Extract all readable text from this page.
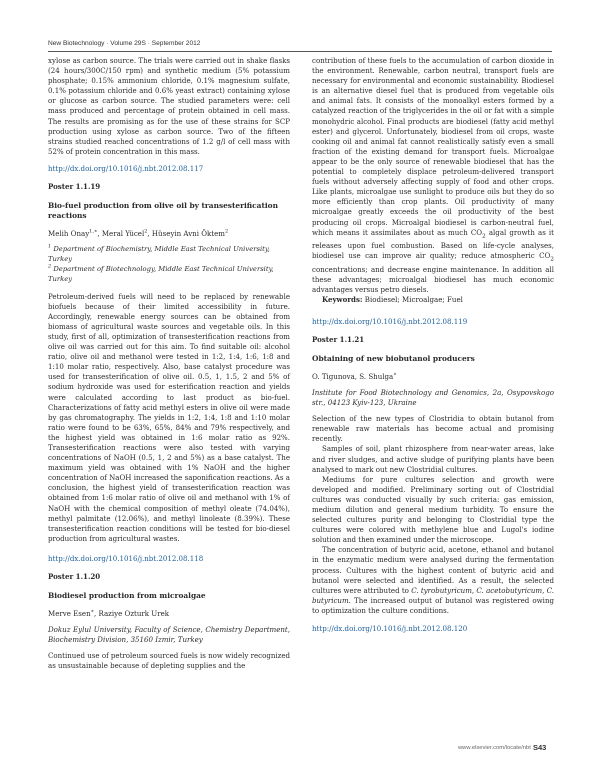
New Biotechnology · Volume 29S · September 2012

xylose as carbon source. The trials were carried out in shake flasks (24 hours/300C/150 rpm) and synthetic medium (5% potassium phosphate; 0.15% ammonium chloride, 0.1% magnesium sulfate, 0.1% potassium chloride and 0.6% yeast extract) containing xylose or glucose as carbon source. The studied parameters were: cell mass produced and percentage of protein obtained in cell mass. The results are promising as for the use of these strains for SCP production using xylose as carbon source. Two of the fifteen strains studied reached concentrations of 1.2 g/l of cell mass with 52% of protein concentration in this mass.

http://dx.doi.org/10.1016/j.nbt.2012.08.117
Poster 1.1.19
Bio-fuel production from olive oil by transesterification reactions
Melih Onay$^{1,∗}$, Meral Yücel$^2$, Hüseyin Avni Öktem$^2$
$^1$ Department of Biochemistry, Middle East Technical University, Turkey
$^2$ Department of Biotechnology, Middle East Technical University, Turkey

Petroleum-derived fuels will need to be replaced by renewable biofuels because of their limited accessibility in future. Accordingly, renewable energy sources can be obtained from biomass of agricultural waste sources and vegetable oils. In this study, first of all, optimization of transesterification reactions from olive oil was carried out for this aim. To find suitable oil: alcohol ratio, olive oil and methanol were tested in 1:2, 1:4, 1:6, 1:8 and 1:10 molar ratio, respectively. Also, base catalyst procedure was used for transesterification of olive oil. 0.5, 1, 1.5, 2 and 5% of sodium hydroxide was used for esterification reaction and yields were calculated according to last product as bio-fuel. Characterizations of fatty acid methyl esters in olive oil were made by gas chromatography. The yields in 1:2, 1:4, 1:8 and 1:10 molar ratio were found to be 63%, 65%, 84% and 79% respectively, and the highest yield was obtained in 1:6 molar ratio as 92%. Transesterification reactions were also tested with varying concentrations of NaOH (0.5, 1, 2 and 5%) as a base catalyst. The maximum yield was obtained with 1% NaOH and the higher concentration of NaOH increased the saponification reactions. As a conclusion, the highest yield of transesterification reaction was obtained from 1:6 molar ratio of olive oil and methanol with 1% of NaOH with the chemical composition of methyl oleate (74.04%), methyl palmitate (12.06%), and methyl linoleate (8.39%). These transesterification reaction conditions will be tested for bio-diesel production from agricultural wastes.

http://dx.doi.org/10.1016/j.nbt.2012.08.118
Poster 1.1.20
Biodiesel production from microalgae
Merve Esen∗, Raziye Ozturk Urek

Dokuz Eylul University, Faculty of Science, Chemistry Department, Biochemistry Division, 35160 Izmir, Turkey

Continued use of petroleum sourced fuels is now widely recognized as unsustainable because of depleting supplies and the

contribution of these fuels to the accumulation of carbon dioxide in the environment. Renewable, carbon neutral, transport fuels are necessary for environmental and economic sustainability. Biodiesel is an alternative diesel fuel that is produced from vegetable oils and animal fats. It consists of the monoalkyl esters formed by a catalyzed reaction of the triglycerides in the oil or fat with a simple monohydric alcohol. Final products are biodiesel (fatty acid methyl ester) and glycerol. Unfortunately, biodiesel from oil crops, waste cooking oil and animal fat cannot realistically satisfy even a small fraction of the existing demand for transport fuels. Microalgae appear to be the only source of renewable biodiesel that has the potential to completely displace petroleum-delivered transport fuels without adversely affecting supply of food and other crops. Like plants, microalgae use sunlight to produce oils but they do so more efficiently than crop plants. Oil productivity of many microalgae greatly exceeds the oil productivity of the best producing oil crops. Microalgal biodiesel is carbon-neutral fuel, which means it assimilates about as much $CO_2$ algal growth as it releases upon fuel combustion. Based on life-cycle analyses, biodiesel use can improve air quality; reduce atmospheric $CO_2$ concentrations; and decrease engine maintenance. In addition all these advantages; microalgal biodiesel has much economic advantages versus petro diesels.

Keywords: Biodiesel; Microalgae; Fuel

http://dx.doi.org/10.1016/j.nbt.2012.08.119
Poster 1.1.21
Obtaining of new biobutanol producers
O. Tigunova, S. Shulga∗

Institute for Food Biotechnology and Genomics, 2a, Osypovskogo str., 04123 Kyiv-123, Ukraine

Selection of the new types of Clostridia to obtain butanol from renewable raw materials has become actual and promising recently.

Samples of soil, plant rhizosphere from near-water areas, lake and river sludges, and active sludge of purifying plants have been analysed to mark out new Clostridial cultures.

Mediums for pure cultures selection and growth were developed and modified. Preliminary sorting out of Clostridial cultures was conducted visually by such criteria: gas emission, medium dilution and general medium turbidity. To ensure the selected cultures purity and belonging to Clostridial type the cultures were colored with methylene blue and Lugol's iodine solution and then examined under the microscope.

The concentration of butyric acid, acetone, ethanol and butanol in the enzymatic medium were analysed during the fermentation process. Cultures with the highest content of butyric acid and butanol were selected and identified. As a result, the selected cultures were attributed to C. tyrobutyricum, C. acetobutyricum, C. butyricum. The increased output of butanol was registered owing to optimization the culture conditions.

http://dx.doi.org/10.1016/j.nbt.2012.08.120
www.elsevier.com/locate/nbt S43
